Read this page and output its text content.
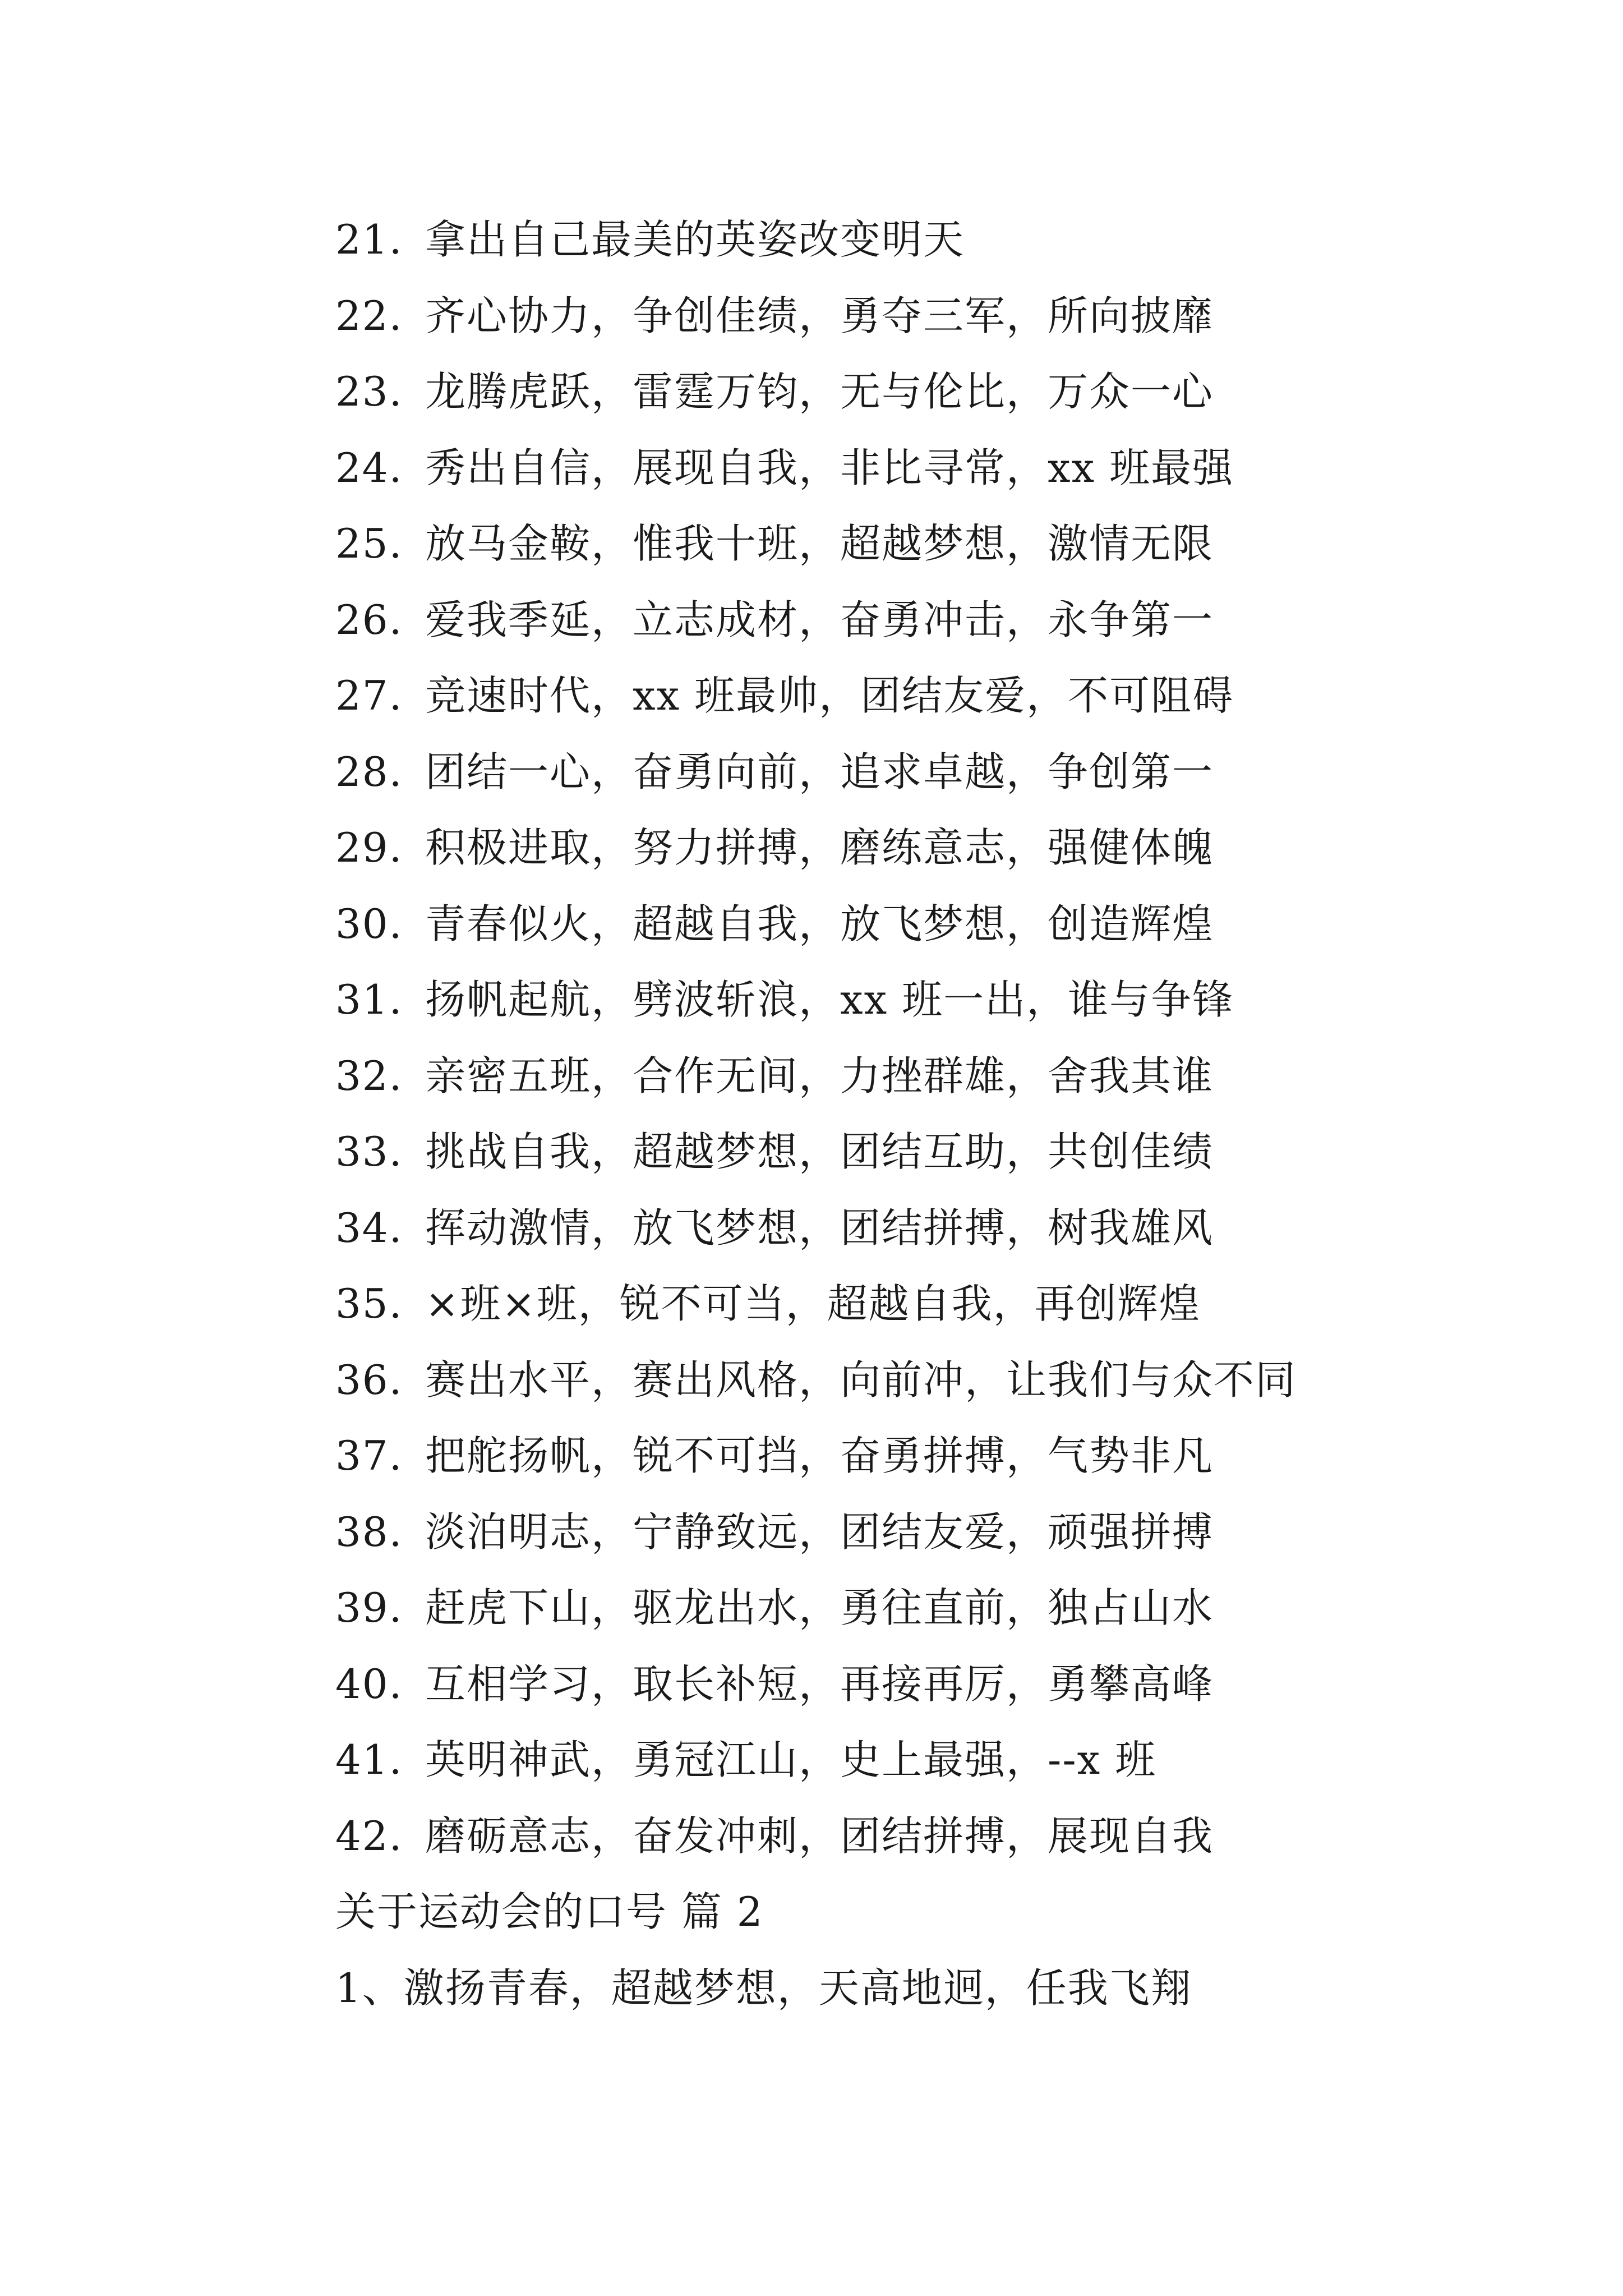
21. 拿出自己最美的英姿改变明天
22. 齐心协力，争创佳绩，勇夺三军，所向披靡
23. 龙腾虎跃，雷霆万钧，无与伦比，万众一心
24. 秀出自信，展现自我，非比寻常，xx 班最强
25. 放马金鞍，惟我十班，超越梦想，激情无限
26. 爱我季延，立志成材，奋勇冲击，永争第一
27. 竞速时代，xx 班最帅，团结友爱，不可阻碍
28. 团结一心，奋勇向前，追求卓越，争创第一
29. 积极进取，努力拼搏，磨练意志，强健体魄
30. 青春似火，超越自我，放飞梦想，创造辉煌
31. 扬帆起航，劈波斩浪，xx 班一出，谁与争锋
32. 亲密五班，合作无间，力挫群雄，舍我其谁
33. 挑战自我，超越梦想，团结互助，共创佳绩
34. 挥动激情，放飞梦想，团结拼搏，树我雄风
35. ×班×班，锐不可当，超越自我，再创辉煌
36. 赛出水平，赛出风格，向前冲，让我们与众不同
37. 把舵扬帆，锐不可挡，奋勇拼搏，气势非凡
38. 淡泊明志，宁静致远，团结友爱，顽强拼搏
39. 赶虎下山，驱龙出水，勇往直前，独占山水
40. 互相学习，取长补短，再接再厉，勇攀高峰
41. 英明神武，勇冠江山，史上最强，--x 班
42. 磨砺意志，奋发冲刺，团结拼搏，展现自我
关于运动会的口号 篇 2
1、激扬青春，超越梦想，天高地迥，任我飞翔
